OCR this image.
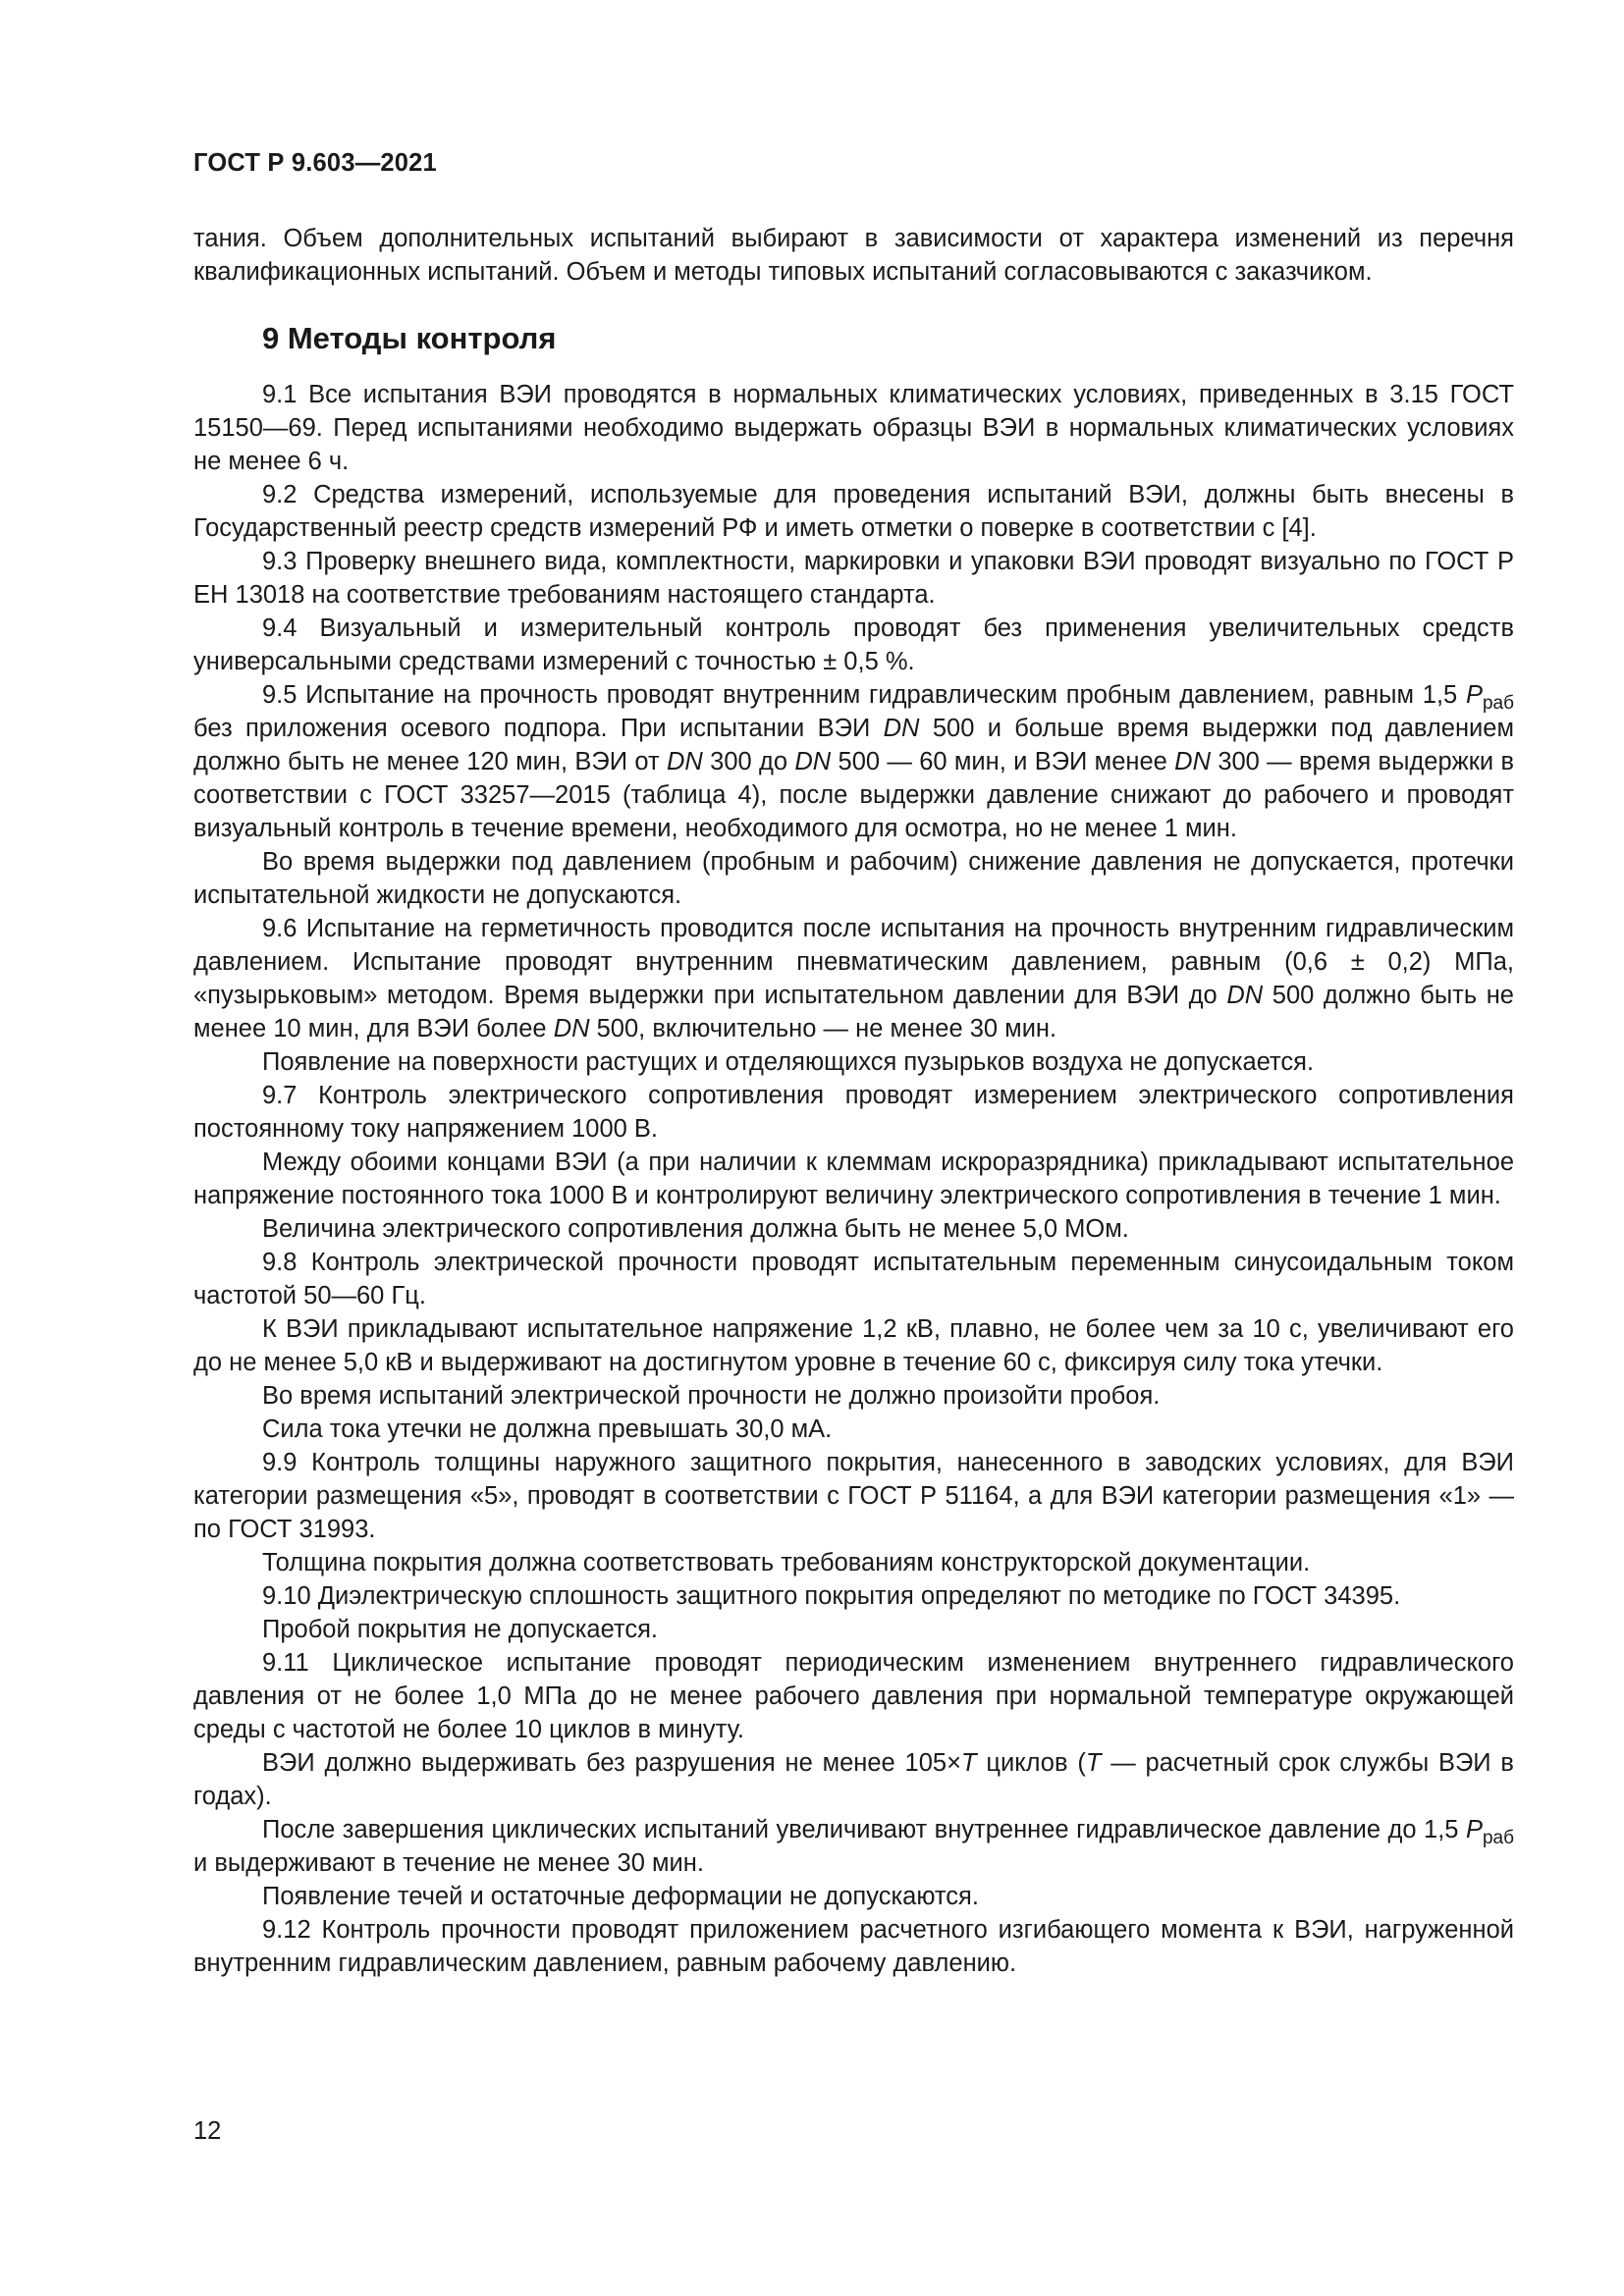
ГОСТ Р 9.603—2021

тания. Объем дополнительных испытаний выбирают в зависимости от характера изменений из перечня квалификационных испытаний. Объем и методы типовых испытаний согласовываются с заказчиком.

9 Методы контроля

9.1 Все испытания ВЭИ проводятся в нормальных климатических условиях, приведенных в 3.15 ГОСТ 15150—69. Перед испытаниями необходимо выдержать образцы ВЭИ в нормальных климатических условиях не менее 6 ч.

9.2 Средства измерений, используемые для проведения испытаний ВЭИ, должны быть внесены в Государственный реестр средств измерений РФ и иметь отметки о поверке в соответствии с [4].

9.3 Проверку внешнего вида, комплектности, маркировки и упаковки ВЭИ проводят визуально по ГОСТ Р ЕН 13018 на соответствие требованиям настоящего стандарта.

9.4 Визуальный и измерительный контроль проводят без применения увеличительных средств универсальными средствами измерений с точностью ± 0,5 %.

9.5 Испытание на прочность проводят внутренним гидравлическим пробным давлением, равным 1,5 $P_{раб}$ без приложения осевого подпора. При испытании ВЭИ DN 500 и больше время выдержки под давлением должно быть не менее 120 мин, ВЭИ от DN 300 до DN 500 — 60 мин, и ВЭИ менее DN 300 — время выдержки в соответствии с ГОСТ 33257—2015 (таблица 4), после выдержки давление снижают до рабочего и проводят визуальный контроль в течение времени, необходимого для осмотра, но не менее 1 мин.

Во время выдержки под давлением (пробным и рабочим) снижение давления не допускается, протечки испытательной жидкости не допускаются.

9.6 Испытание на герметичность проводится после испытания на прочность внутренним гидравлическим давлением. Испытание проводят внутренним пневматическим давлением, равным (0,6 ± 0,2) МПа, «пузырьковым» методом. Время выдержки при испытательном давлении для ВЭИ до DN 500 должно быть не менее 10 мин, для ВЭИ более DN 500, включительно — не менее 30 мин.

Появление на поверхности растущих и отделяющихся пузырьков воздуха не допускается.

9.7 Контроль электрического сопротивления проводят измерением электрического сопротивления постоянному току напряжением 1000 В.

Между обоими концами ВЭИ (а при наличии к клеммам искроразрядника) прикладывают испытательное напряжение постоянного тока 1000 В и контролируют величину электрического сопротивления в течение 1 мин.

Величина электрического сопротивления должна быть не менее 5,0 МОм.

9.8 Контроль электрической прочности проводят испытательным переменным синусоидальным током частотой 50—60 Гц.

К ВЭИ прикладывают испытательное напряжение 1,2 кВ, плавно, не более чем за 10 с, увеличивают его до не менее 5,0 кВ и выдерживают на достигнутом уровне в течение 60 с, фиксируя силу тока утечки.

Во время испытаний электрической прочности не должно произойти пробоя.

Сила тока утечки не должна превышать 30,0 мА.

9.9 Контроль толщины наружного защитного покрытия, нанесенного в заводских условиях, для ВЭИ категории размещения «5», проводят в соответствии с ГОСТ Р 51164, а для ВЭИ категории размещения «1» — по ГОСТ 31993.

Толщина покрытия должна соответствовать требованиям конструкторской документации.

9.10 Диэлектрическую сплошность защитного покрытия определяют по методике по ГОСТ 34395.

Пробой покрытия не допускается.

9.11 Циклическое испытание проводят периодическим изменением внутреннего гидравлического давления от не более 1,0 МПа до не менее рабочего давления при нормальной температуре окружающей среды с частотой не более 10 циклов в минуту.

ВЭИ должно выдерживать без разрушения не менее 105×T циклов (T — расчетный срок службы ВЭИ в годах).

После завершения циклических испытаний увеличивают внутреннее гидравлическое давление до 1,5 $P_{раб}$ и выдерживают в течение не менее 30 мин.

Появление течей и остаточные деформации не допускаются.

9.12 Контроль прочности проводят приложением расчетного изгибающего момента к ВЭИ, нагруженной внутренним гидравлическим давлением, равным рабочему давлению.

12
